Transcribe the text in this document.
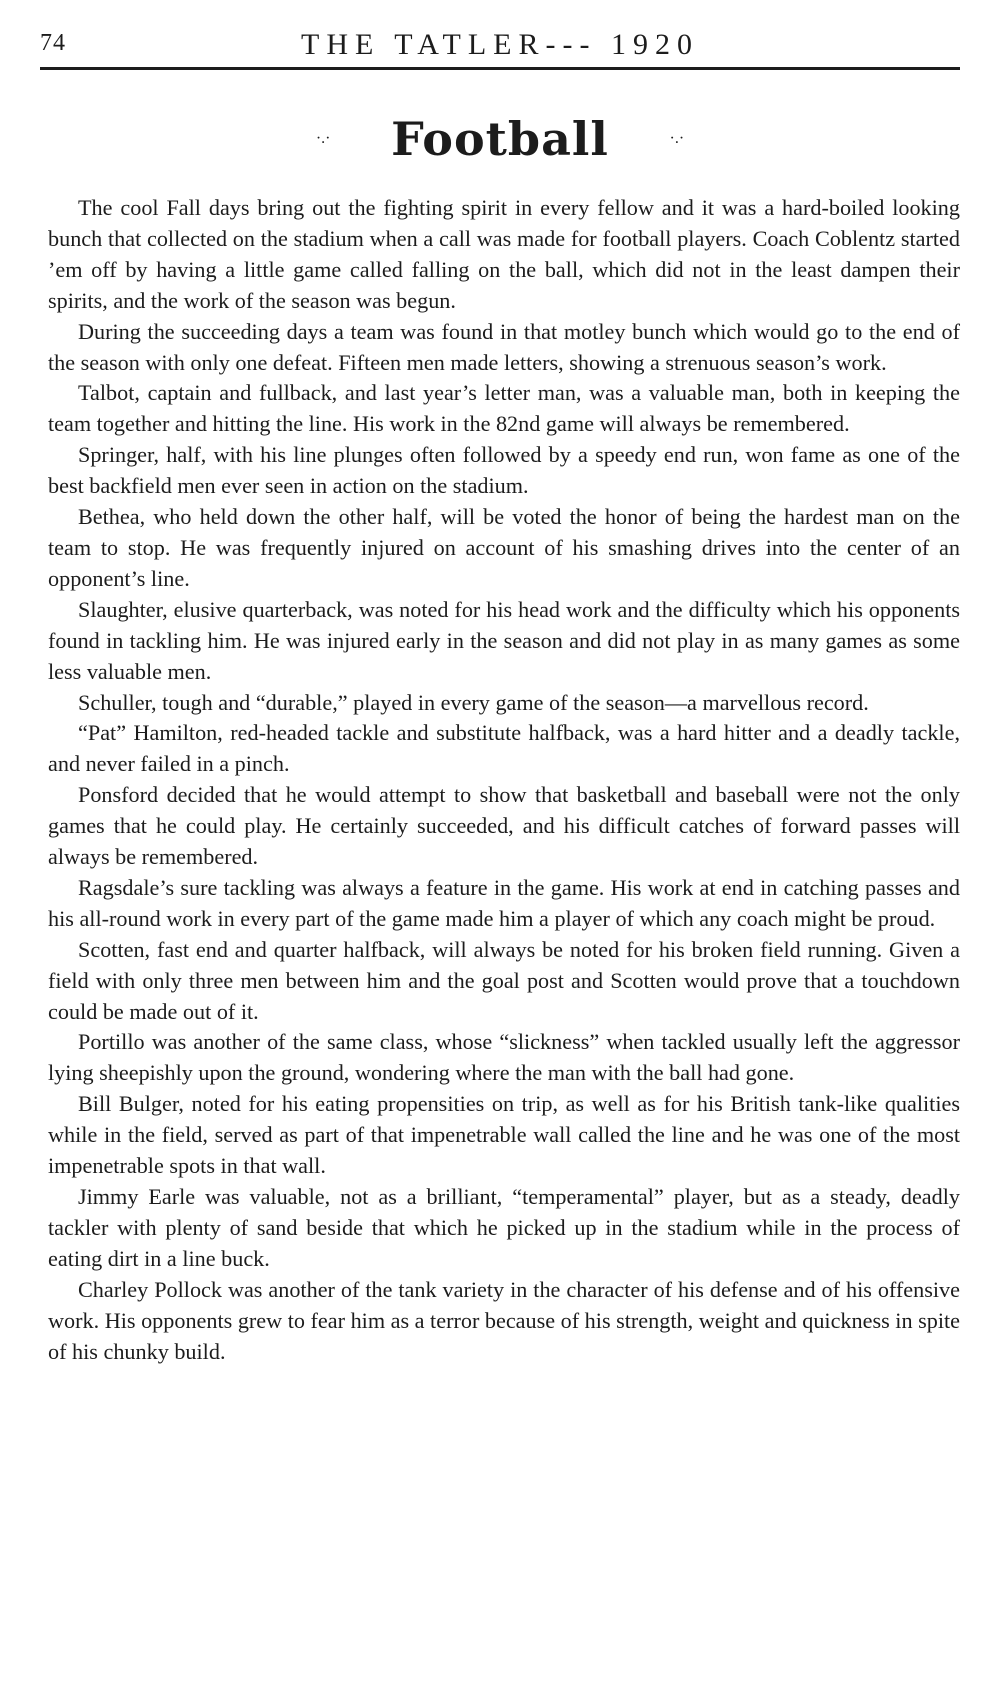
74	THE TATLER--- 1920
·.· Football	·.·

The cool Fall days bring out the fighting spirit in every fellow and it was a hard-boiled looking bunch that collected on the stadium when a call was made for football players. Coach Coblentz started ’em off by having a little game called falling on the ball, which did not in the least dampen their spirits, and the work of the season was begun.

During the succeeding days a team was found in that motley bunch which would go to the end of the season with only one defeat. Fifteen men made letters, showing a strenuous season’s work.

Talbot, captain and fullback, and last year’s letter man, was a valuable man, both in keeping the team together and hitting the line. His work in the 82nd game will always be remembered.

Springer, half, with his line plunges often followed by a speedy end run, won fame as one of the best backfield men ever seen in action on the stadium.

Bethea, who held down the other half, will be voted the honor of being the hardest man on the team to stop. He was frequently injured on account of his smashing drives into the center of an opponent’s line.

Slaughter, elusive quarterback, was noted for his head work and the difficulty which his opponents found in tackling him. He was injured early in the season and did not play in as many games as some less valuable men.

Schuller, tough and “durable,” played in every game of the season—a marvellous record.

“Pat” Hamilton, red-headed tackle and substitute halfback, was a hard hitter and a deadly tackle, and never failed in a pinch.

Ponsford decided that he would attempt to show that basketball and baseball were not the only games that he could play. He certainly succeeded, and his difficult catches of forward passes will always be remembered.

Ragsdale’s sure tackling was always a feature in the game. His work at end in catching passes and his all-round work in every part of the game made him a player of which any coach might be proud.

Scotten, fast end and quarter halfback, will always be noted for his broken field running. Given a field with only three men between him and the goal post and Scotten would prove that a touchdown could be made out of it.

Portillo was another of the same class, whose “slickness” when tackled usually left the aggressor lying sheepishly upon the ground, wondering where the man with the ball had gone.

Bill Bulger, noted for his eating propensities on trip, as well as for his British tank-like qualities while in the field, served as part of that impenetrable wall called the line and he was one of the most impenetrable spots in that wall.

Jimmy Earle was valuable, not as a brilliant, “temperamental” player, but as a steady, deadly tackler with plenty of sand beside that which he picked up in the stadium while in the process of eating dirt in a line buck.

Charley Pollock was another of the tank variety in the character of his defense and of his offensive work. His opponents grew to fear him as a terror because of his strength, weight and quickness in spite of his chunky build.
